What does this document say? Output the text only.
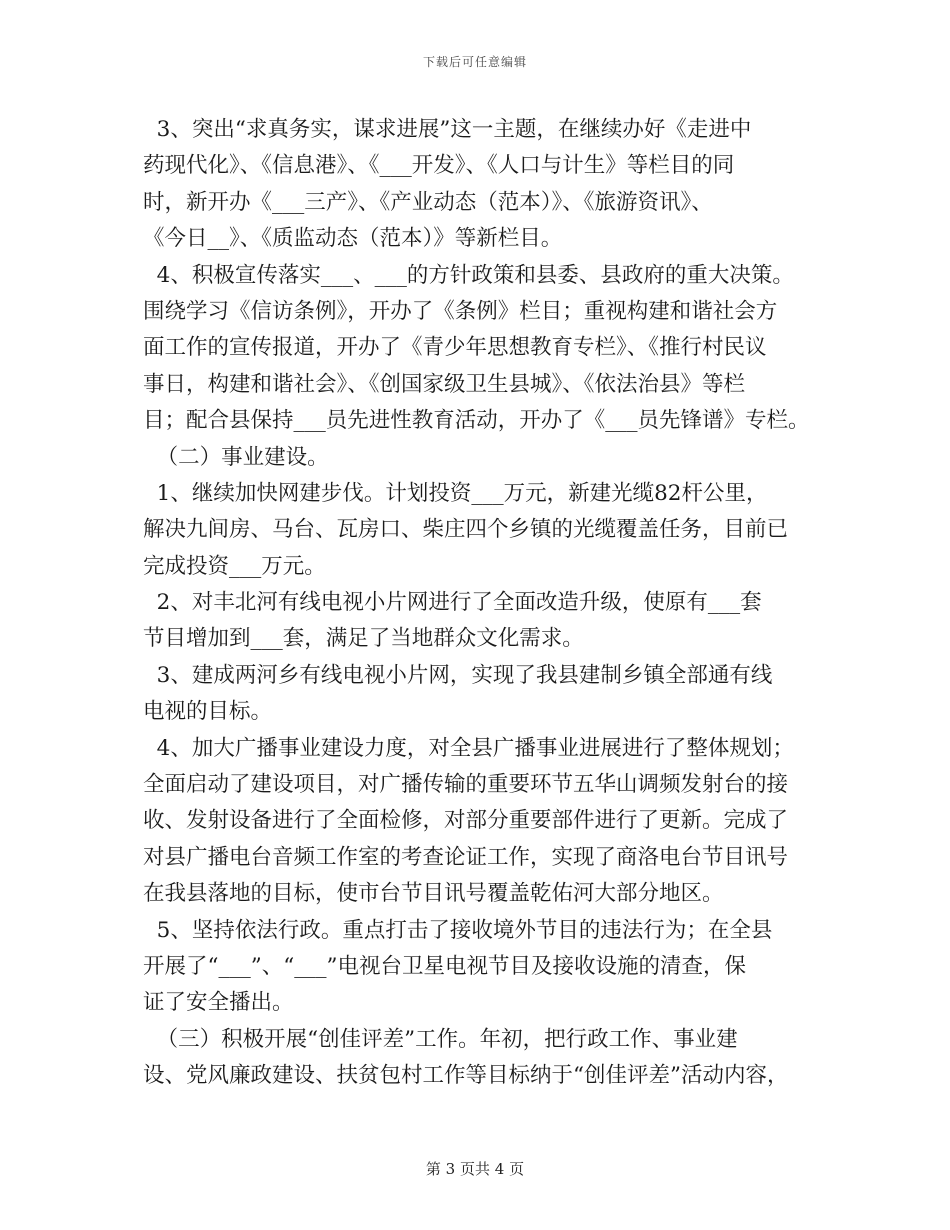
下载后可任意编辑
3、突出“求真务实，谋求进展”这一主题，在继续办好《走进中
药现代化》、《信息港》、《___开发》、《人口与计生》等栏目的同
时，新开办《___三产》、《产业动态（范本）》、《旅游资讯》、
《今日__》、《质监动态（范本）》等新栏目。
4、积极宣传落实___、___的方针政策和县委、县政府的重大决策。
围绕学习《信访条例》，开办了《条例》栏目；重视构建和谐社会方
面工作的宣传报道，开办了《青少年思想教育专栏》、《推行村民议
事日，构建和谐社会》、《创国家级卫生县城》、《依法治县》等栏
目；配合县保持___员先进性教育活动，开办了《___员先锋谱》专栏。
（二）事业建设。
1、继续加快网建步伐。计划投资___万元，新建光缆82杆公里，
解决九间房、马台、瓦房口、柴庄四个乡镇的光缆覆盖任务，目前已
完成投资___万元。
2、对丰北河有线电视小片网进行了全面改造升级，使原有___套
节目增加到___套，满足了当地群众文化需求。
3、建成两河乡有线电视小片网，实现了我县建制乡镇全部通有线
电视的目标。
4、加大广播事业建设力度，对全县广播事业进展进行了整体规划；
全面启动了建设项目，对广播传输的重要环节五华山调频发射台的接
收、发射设备进行了全面检修，对部分重要部件进行了更新。完成了
对县广播电台音频工作室的考查论证工作，实现了商洛电台节目讯号
在我县落地的目标，使市台节目讯号覆盖乾佑河大部分地区。
5、坚持依法行政。重点打击了接收境外节目的违法行为；在全县
开展了“___”、“___”电视台卫星电视节目及接收设施的清查，保
证了安全播出。
（三）积极开展“创佳评差”工作。年初，把行政工作、事业建
设、党风廉政建设、扶贫包村工作等目标纳于“创佳评差”活动内容，
第 3 页共 4 页
